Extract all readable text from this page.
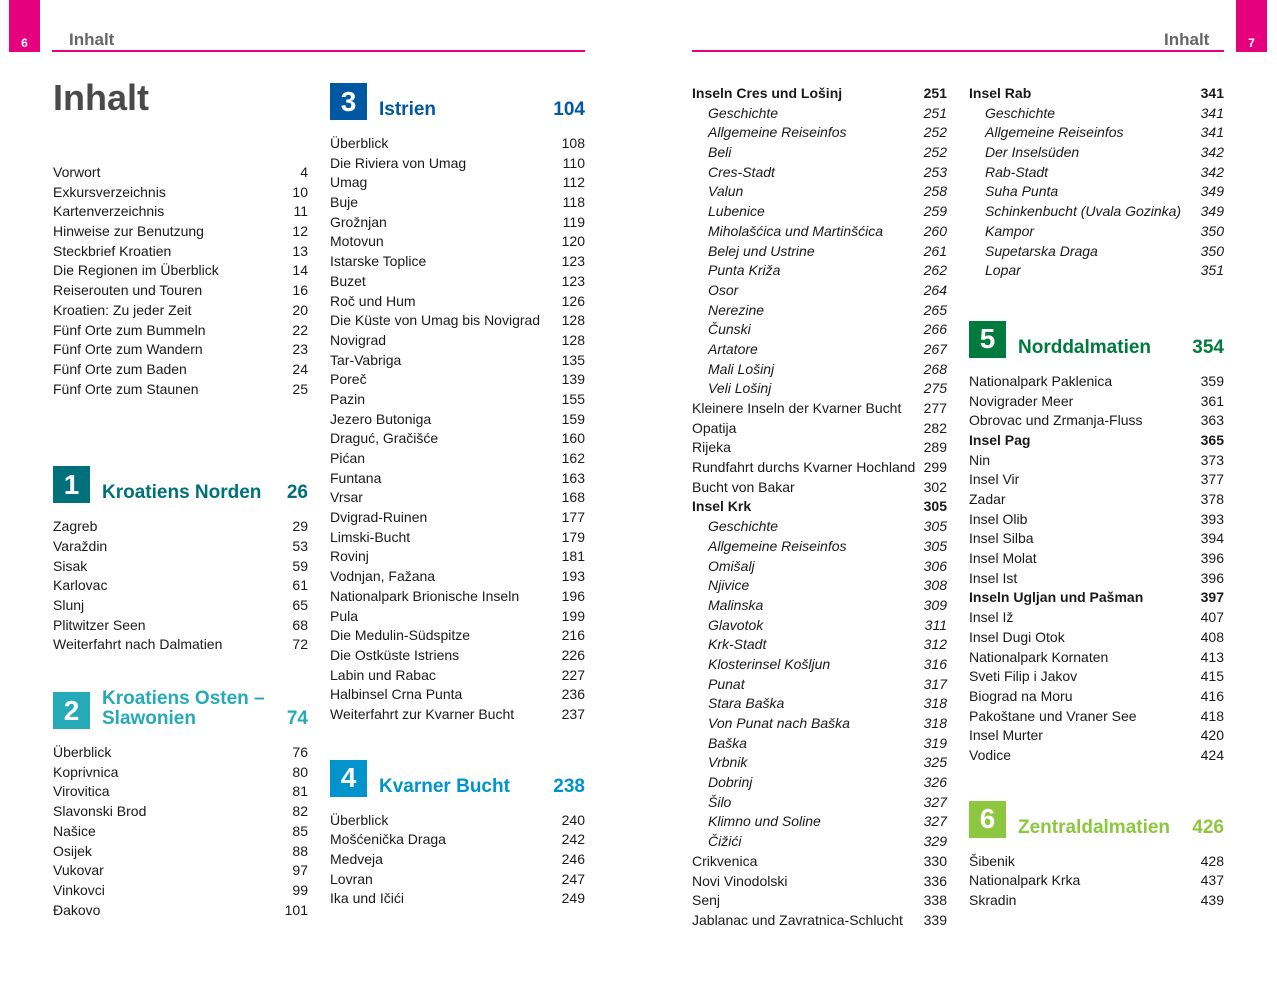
6	Inhalt	7
Inhalt
Inhalt
Vorwort	4
Exkursverzeichnis	10
Kartenverzeichnis	11
Hinweise zur Benutzung	12
Steckbrief Kroatien	13
Die Regionen im Überblick	14
Reiserouten und Touren	16
Kroatien: Zu jeder Zeit	20
Fünf Orte zum Bummeln	22
Fünf Orte zum Wandern	23
Fünf Orte zum Baden	24
Fünf Orte zum Staunen	25
1	Kroatiens Norden	26
Zagreb	29
Varaždin	53
Sisak	59
Karlovac	61
Slunj	65
Plitwitzer Seen	68
Weiterfahrt nach Dalmatien	72
2	Kroatiens Osten –
Slawonien	74
Überblick	76
Koprivnica	80
Virovitica	81
Slavonski Brod	82
Našice	85
Osijek	88
Vukovar	97
Vinkovci	99
Đakovo	101
3	Istrien	104
Überblick	108
Die Riviera von Umag	110
Umag	112
Buje	118
Grožnjan	119
Motovun	120
Istarske Toplice	123
Buzet	123
Roč und Hum	126
Die Küste von Umag bis Novigrad 128
Novigrad	128
Tar-Vabriga	135
Poreč	139
Pazin	155
Jezero Butoniga	159
Draguć, Gračišće	160
Pićan	162
Funtana	163
Vrsar	168
Dvigrad-Ruinen	177
Limski-Bucht	179
Rovinj	181
Vodnjan, Fažana	193
Nationalpark Brionische Inseln	196
Pula	199
Die Medulin-Südspitze	216
Die Ostküste Istriens	226
Labin und Rabac	227
Halbinsel Crna Punta	236
Weiterfahrt zur Kvarner Bucht	237
4	Kvarner Bucht	238
Überblick	240
Mošćenička Draga	242
Medveja	246
Lovran	247
Ika und Ičići	249
Inseln Cres und Lošinj	251
Geschichte	251
Allgemeine Reiseinfos	252
Beli	252
Cres-Stadt	253
Valun	258
Lubenice	259
Miholašćica und Martinšćica	260
Belej und Ustrine	261
Punta Križa	262
Osor	264
Nerezine	265
Čunski	266
Artatore	267
Mali Lošinj	268
Veli Lošinj	275
Kleinere Inseln der Kvarner Bucht 277
Opatija	282
Rijeka	289
Rundfahrt durchs Kvarner Hochland 299
Bucht von Bakar	302
Insel Krk	305
Geschichte	305
Allgemeine Reiseinfos	305
Omišalj	306
Njivice	308
Malinska	309
Glavotok	311
Krk-Stadt	312
Klosterinsel Košljun	316
Punat	317
Stara Baška	318
Von Punat nach Baška	318
Baška	319
Vrbnik	325
Dobrinj	326
Šilo	327
Klimno und Soline	327
Čižići	329
Crikvenica	330
Novi Vinodolski	336
Senj	338
Jablanac und Zavratnica-Schlucht 339
Insel Rab	341
Geschichte	341
Allgemeine Reiseinfos	341
Der Inselsüden	342
Rab-Stadt	342
Suha Punta	349
Schinkenbucht (Uvala Gozinka) 349
Kampor	350
Supetarska Draga	350
Lopar	351
5	Norddalmatien	354
Nationalpark Paklenica	359
Novigrader Meer	361
Obrovac und Zrmanja-Fluss	363
Insel Pag	365
Nin	373
Insel Vir	377
Zadar	378
Insel Olib	393
Insel Silba	394
Insel Molat	396
Insel Ist	396
Inseln Ugljan und Pašman	397
Insel Iž	407
Insel Dugi Otok	408
Nationalpark Kornaten	413
Sveti Filip i Jakov	415
Biograd na Moru	416
Pakoštane und Vraner See	418
Insel Murter	420
Vodice	424
6	Zentraldalmatien	426
Šibenik	428
Nationalpark Krka	437
Skradin	439
